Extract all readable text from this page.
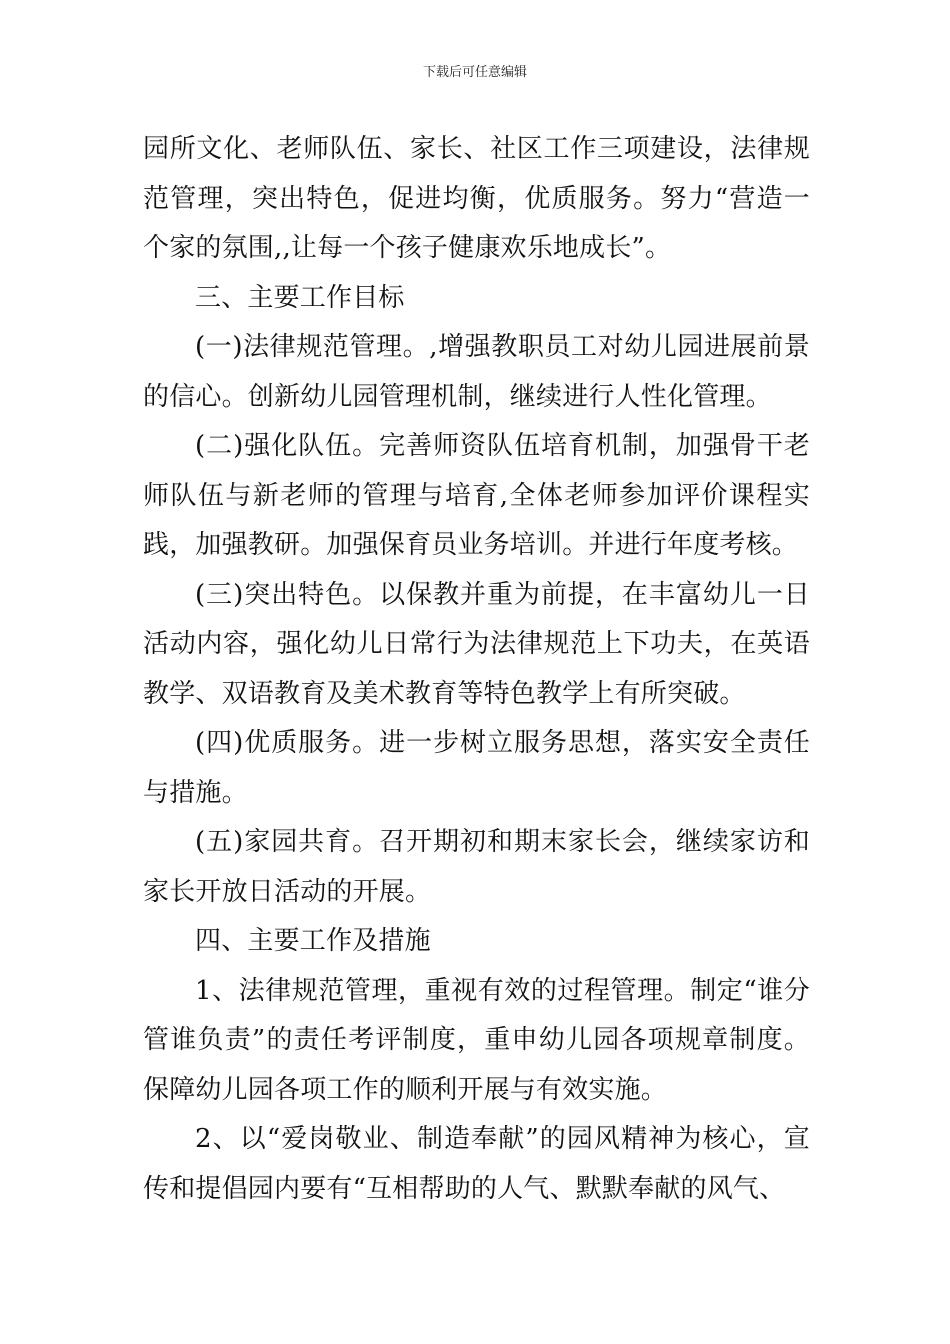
下载后可任意编辑

园所文化、老师队伍、家长、社区工作三项建设，法律规范管理，突出特色，促进均衡，优质服务。努力“营造一个家的氛围,,让每一个孩子健康欢乐地成长”。

三、主要工作目标

(一)法律规范管理。,增强教职员工对幼儿园进展前景的信心。创新幼儿园管理机制，继续进行人性化管理。

(二)强化队伍。完善师资队伍培育机制，加强骨干老师队伍与新老师的管理与培育,全体老师参加评价课程实践，加强教研。加强保育员业务培训。并进行年度考核。

(三)突出特色。以保教并重为前提，在丰富幼儿一日活动内容，强化幼儿日常行为法律规范上下功夫，在英语教学、双语教育及美术教育等特色教学上有所突破。

(四)优质服务。进一步树立服务思想，落实安全责任与措施。

(五)家园共育。召开期初和期末家长会，继续家访和家长开放日活动的开展。

四、主要工作及措施

1、法律规范管理，重视有效的过程管理。制定“谁分管谁负责”的责任考评制度，重申幼儿园各项规章制度。保障幼儿园各项工作的顺利开展与有效实施。

2、以“爱岗敬业、制造奉献”的园风精神为核心，宣传和提倡园内要有“互相帮助的人气、默默奉献的风气、
